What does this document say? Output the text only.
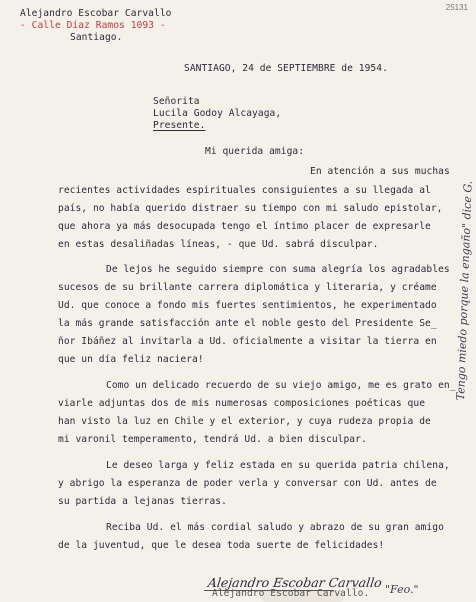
25131
Alejandro Escobar Carvallo
- Calle Díaz Ramos 1093 -
Santiago.
SANTIAGO, 24 de SEPTIEMBRE de 1954.
Señorita
Lucila Godoy Alcayaga,
Presente.
Mi querida amiga:
En atención a sus muchas
recientes actividades espirituales consiguientes a su llegada al
país, no había querido distraer su tiempo con mi saludo epistolar,
que ahora ya más desocupada tengo el íntimo placer de expresarle
en estas desaliñadas líneas, - que Ud. sabrá disculpar.
De lejos he seguido siempre con suma alegría los agradables
sucesos de su brillante carrera diplomática y literaria, y créame
Ud. que conoce a fondo mis fuertes sentimientos, he experimentado
la más grande satisfacción ante el noble gesto del Presidente Se_
ñor Ibáñez al invitarla a Ud. oficialmente a visitar la tierra en
que un día feliz naciera!
Como un delicado recuerdo de su viejo amigo, me es grato en_
viarle adjuntas dos de mis numerosas composiciones poéticas que
han visto la luz en Chile y el exterior, y cuya rudeza propia de
mi varonil temperamento, tendrá Ud. a bien disculpar.
Le deseo larga y feliz estada en su querida patria chilena,
y abrigo la esperanza de poder verla y conversar con Ud. antes de
su partida a lejanas tierras.
Reciba Ud. el más cordial saludo y abrazo de su gran amigo
de la juventud, que le desea toda suerte de felicidades!
Alejandro Escobar Carvallo
Alejandro Escobar Carvallo.
Tengo miedo porque la engaño" dice G.
"Feo."
